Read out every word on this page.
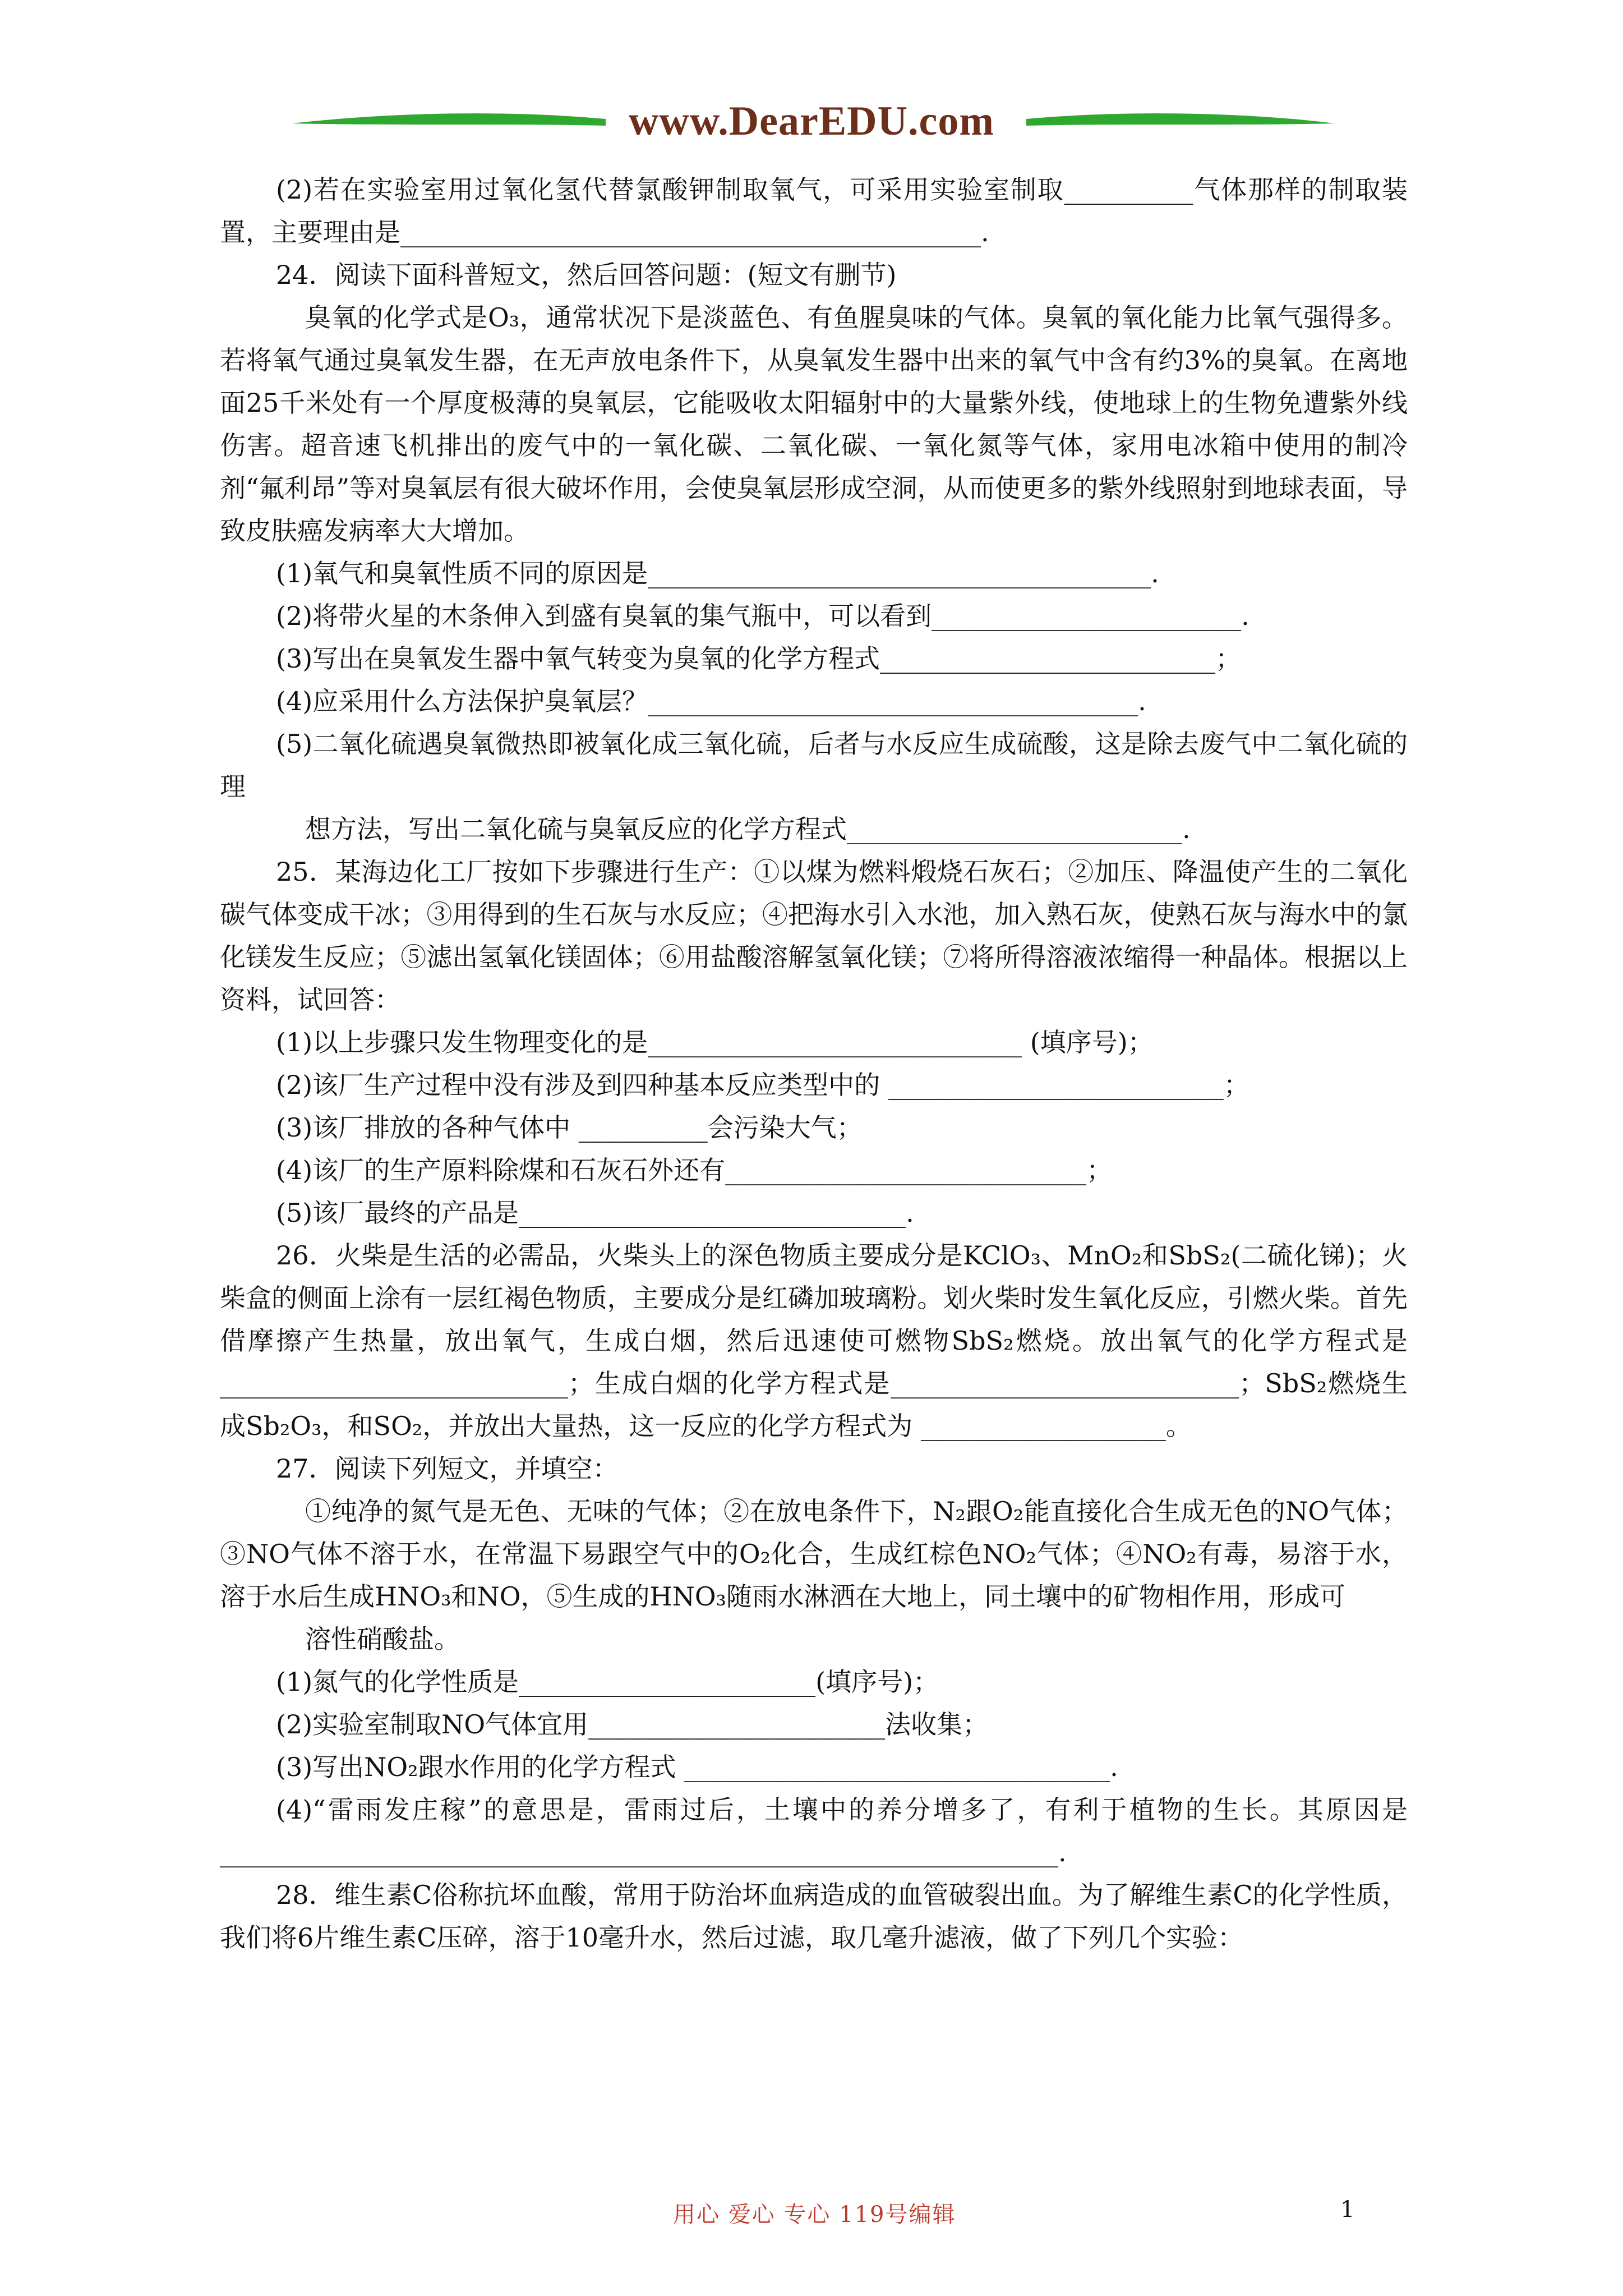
www.DearEDU.com

(2)若在实验室用过氧化氢代替氯酸钾制取氧气，可采用实验室制取__________气体那样的制取装置，主要理由是_____________________________________________.

24．阅读下面科普短文，然后回答问题：(短文有删节)

臭氧的化学式是O₃，通常状况下是淡蓝色、有鱼腥臭味的气体。臭氧的氧化能力比氧气强得多。若将氧气通过臭氧发生器，在无声放电条件下，从臭氧发生器中出来的氧气中含有约3%的臭氧。在离地面25千米处有一个厚度极薄的臭氧层，它能吸收太阳辐射中的大量紫外线，使地球上的生物免遭紫外线伤害。超音速飞机排出的废气中的一氧化碳、二氧化碳、一氧化氮等气体，家用电冰箱中使用的制冷剂“氟利昂”等对臭氧层有很大破坏作用，会使臭氧层形成空洞，从而使更多的紫外线照射到地球表面，导致皮肤癌发病率大大增加。

(1)氧气和臭氧性质不同的原因是_______________________________________.

(2)将带火星的木条伸入到盛有臭氧的集气瓶中，可以看到________________________.

(3)写出在臭氧发生器中氧气转变为臭氧的化学方程式__________________________；

(4)应采用什么方法保护臭氧层？______________________________________.

(5)二氧化硫遇臭氧微热即被氧化成三氧化硫，后者与水反应生成硫酸，这是除去废气中二氧化硫的理

想方法，写出二氧化硫与臭氧反应的化学方程式__________________________.

25．某海边化工厂按如下步骤进行生产：①以煤为燃料煅烧石灰石；②加压、降温使产生的二氧化碳气体变成干冰；③用得到的生石灰与水反应；④把海水引入水池，加入熟石灰，使熟石灰与海水中的氯化镁发生反应；⑤滤出氢氧化镁固体；⑥用盐酸溶解氢氧化镁；⑦将所得溶液浓缩得一种晶体。根据以上资料，试回答：

(1)以上步骤只发生物理变化的是_____________________________ (填序号)；

(2)该厂生产过程中没有涉及到四种基本反应类型中的 __________________________；

(3)该厂排放的各种气体中 __________会污染大气；

(4)该厂的生产原料除煤和石灰石外还有____________________________；

(5)该厂最终的产品是______________________________.

26．火柴是生活的必需品，火柴头上的深色物质主要成分是KClO₃、MnO₂和SbS₂(二硫化锑)；火柴盒的侧面上涂有一层红褐色物质，主要成分是红磷加玻璃粉。划火柴时发生氧化反应，引燃火柴。首先借摩擦产生热量，放出氧气，生成白烟，然后迅速使可燃物SbS₂燃烧。放出氧气的化学方程式是___________________________；生成白烟的化学方程式是___________________________；SbS₂燃烧生成Sb₂O₃，和SO₂，并放出大量热，这一反应的化学方程式为 ___________________。

27．阅读下列短文，并填空：

①纯净的氮气是无色、无味的气体；②在放电条件下，N₂跟O₂能直接化合生成无色的NO气体；③NO气体不溶于水，在常温下易跟空气中的O₂化合，生成红棕色NO₂气体；④NO₂有毒，易溶于水，溶于水后生成HNO₃和NO，⑤生成的HNO₃随雨水淋洒在大地上，同土壤中的矿物相作用，形成可

溶性硝酸盐。

(1)氮气的化学性质是_______________________(填序号)；

(2)实验室制取NO气体宜用_______________________法收集；

(3)写出NO₂跟水作用的化学方程式 _________________________________.

(4)“雷雨发庄稼”的意思是，雷雨过后，土壤中的养分增多了，有利于植物的生长。其原因是_________________________________________________________________.

28．维生素C俗称抗坏血酸，常用于防治坏血病造成的血管破裂出血。为了解维生素C的化学性质，我们将6片维生素C压碎，溶于10毫升水，然后过滤，取几毫升滤液，做了下列几个实验：

用心 爱心 专心 119号编辑	1
